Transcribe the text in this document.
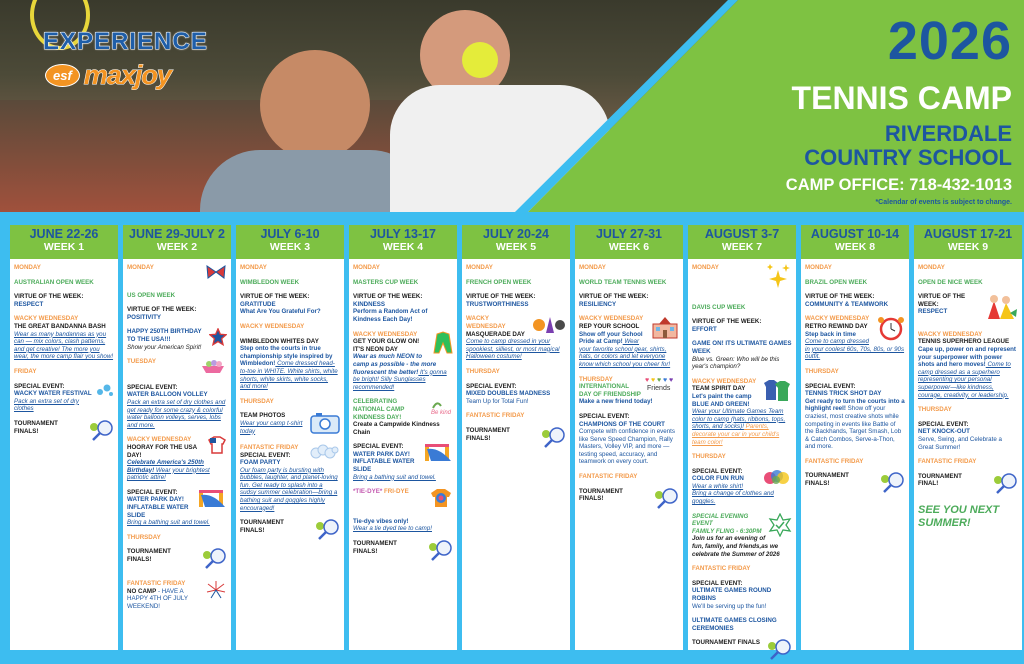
EXPERIENCE
esf maxjoy
2026
TENNIS CAMP
RIVERDALE
COUNTRY SCHOOL
CAMP OFFICE: 718-432-1013
*Calendar of events is subject to change.
JUNE 22-26
WEEK 1
MONDAY
AUSTRALIAN OPEN WEEK
VIRTUE OF THE WEEK:
RESPECT
WACKY WEDNESDAY
THE GREAT BANDANNA BASH
Wear as many bandannas as you can — mix colors, clash patterns, and get creative! The more you wear, the more camp flair you show!
FRIDAY
SPECIAL EVENT:
WACKY WATER FESTIVAL
Pack an extra set of dry clothes
TOURNAMENT
FINALS!
JUNE 29-JULY 2
WEEK 2
MONDAY
US OPEN WEEK
VIRTUE OF THE WEEK:
POSITIVITY
HAPPY 250TH BIRTHDAY TO THE USA!!!
Show your American Spirit!
TUESDAY
SPECIAL EVENT:
WATER BALLOON VOLLEY
Pack an extra set of dry clothes and get ready for some crazy & colorful water balloon volleys, serves, lobs and more.
WACKY WEDNESDAY
HOORAY FOR THE USA DAY!
Celebrate America's 250th Birthday! Wear your brightest patriotic attire!
SPECIAL EVENT:
WATER PARK DAY! INFLATABLE WATER SLIDE
Bring a bathing suit and towel.
THURSDAY
TOURNAMENT
FINALS!
FANTASTIC FRIDAY
NO CAMP - HAVE A HAPPY 4TH OF JULY WEEKEND!
JULY 6-10
WEEK 3
MONDAY
WIMBLEDON WEEK
VIRTUE OF THE WEEK:
GRATITUDE
What Are You Grateful For?
WACKY WEDNESDAY
WIMBLEDON WHITES DAY
Step onto the courts in true championship style inspired by Wimbledon! Come dressed head-to-toe in WHITE. White shirts, white shorts, white skirts, white socks, and more!
THURSDAY
TEAM PHOTOS
Wear your camp t-shirt today
FANTASTIC FRIDAY
SPECIAL EVENT:
FOAM PARTY
Our foam party is bursting with bubbles, laughter, and planet-loving fun. Get ready to splash into a sudsy summer celebration—bring a bathing suit and goggles highly encouraged!
TOURNAMENT
FINALS!
JULY 13-17
WEEK 4
MONDAY
MASTERS CUP WEEK
VIRTUE OF THE WEEK:
KINDNESS
Perform a Random Act of Kindness Each Day!
WACKY WEDNESDAY
GET YOUR GLOW ON! IT'S NEON DAY
Wear as much NEON to camp as possible - the more fluorescent the better! It's gonna be bright! Silly Sunglasses recommended!
Be kind
CELEBRATING NATIONAL CAMP KINDNESS DAY!
Create a Campwide Kindness Chain
SPECIAL EVENT:
WATER PARK DAY!
INFLATABLE WATER SLIDE
Bring a bathing suit and towel.
*TIE-DYE* FRI-DYE
Tie-dye vibes only!
Wear a tie dyed tee to camp!
TOURNAMENT
FINALS!
JULY 20-24
WEEK 5
MONDAY
FRENCH OPEN WEEK
VIRTUE OF THE WEEK:
TRUSTWORTHINESS
WACKY WEDNESDAY
MASQUERADE DAY
Come to camp dressed in your spookiest, silliest, or most magical Halloween costume!
THURSDAY
SPECIAL EVENT:
MIXED DOUBLES MADNESS
Team Up for Total Fun!
FANTASTIC FRIDAY
TOURNAMENT
FINALS!
JULY 27-31
WEEK 6
MONDAY
WORLD TEAM TENNIS WEEK
VIRTUE OF THE WEEK:
RESILIENCY
WACKY WEDNESDAY
REP YOUR SCHOOL
Show off your School Pride at Camp! Wear your favorite school gear, shirts, hats, or colors and let everyone know which school you cheer for!
♥ ♥ ♥ ♥ ♥
Friends
THURSDAY
INTERNATIONAL DAY OF FRIENDSHIP
Make a new friend today!
SPECIAL EVENT:
CHAMPIONS OF THE COURT
Compete with confidence in events like Serve Speed Champion, Rally Masters, Volley VIP, and more — testing speed, accuracy, and teamwork on every court.
FANTASTIC FRIDAY
TOURNAMENT
FINALS!
AUGUST 3-7
WEEK 7
MONDAY
DAVIS CUP WEEK
VIRTUE OF THE WEEK:
EFFORT
GAME ON! ITS ULTIMATE GAMES WEEK
Blue vs. Green: Who will be this year's champion?
WACKY WEDNESDAY
TEAM SPIRIT DAY
Let's paint the camp BLUE AND GREEN! Wear your Ultimate Games Team color to camp (hats, ribbons, tops, shorts, and socks)! Parents, decorate your car in your child's team color!
THURSDAY
SPECIAL EVENT:
COLOR FUN RUN
Wear a white shirt! Bring a change of clothes and goggles.
SPECIAL EVENING EVENT
FAMILY FLING - 6:30PM
Join us for an evening of fun, family, and friends,as we celebrate the Summer of 2026
FANTASTIC FRIDAY
SPECIAL EVENT:
ULTIMATE GAMES ROUND ROBINS
We'll be serving up the fun!
ULTIMATE GAMES CLOSING CEREMONIES
TOURNAMENT FINALS
AUGUST 10-14
WEEK 8
MONDAY
BRAZIL OPEN WEEK
VIRTUE OF THE WEEK:
COMMUNITY & TEAMWORK
WACKY WEDNESDAY
RETRO REWIND DAY
Step back in time
Come to camp dressed in your coolest 60s, 70s, 80s, or 90s outfit.
THURSDAY
SPECIAL EVENT:
TENNIS TRICK SHOT DAY
Get ready to turn the courts into a highlight reel! Show off your craziest, most creative shots while competing in events like Battle of the Backhands, Target Smash, Lob & Catch Combos, Serve-a-Thon, and more.
FANTASTIC FRIDAY
TOURNAMENT
FINALS!
AUGUST 17-21
WEEK 9
MONDAY
OPEN DE NICE WEEK
VIRTUE OF THE WEEK:
RESPECT
WACKY WEDNESDAY
TENNIS SUPERHERO LEAGUE
Cape up, power on and represent your superpower with power shots and hero moves! Come to camp dressed as a superhero representing your personal superpower—like kindness, courage, creativity, or leadership.
THURSDAY
SPECIAL EVENT:
NET KNOCK-OUT
Serve, Swing, and Celebrate a Great Summer!
FANTASTIC FRIDAY
TOURNAMENT
FINAL!
SEE YOU NEXT SUMMER!
